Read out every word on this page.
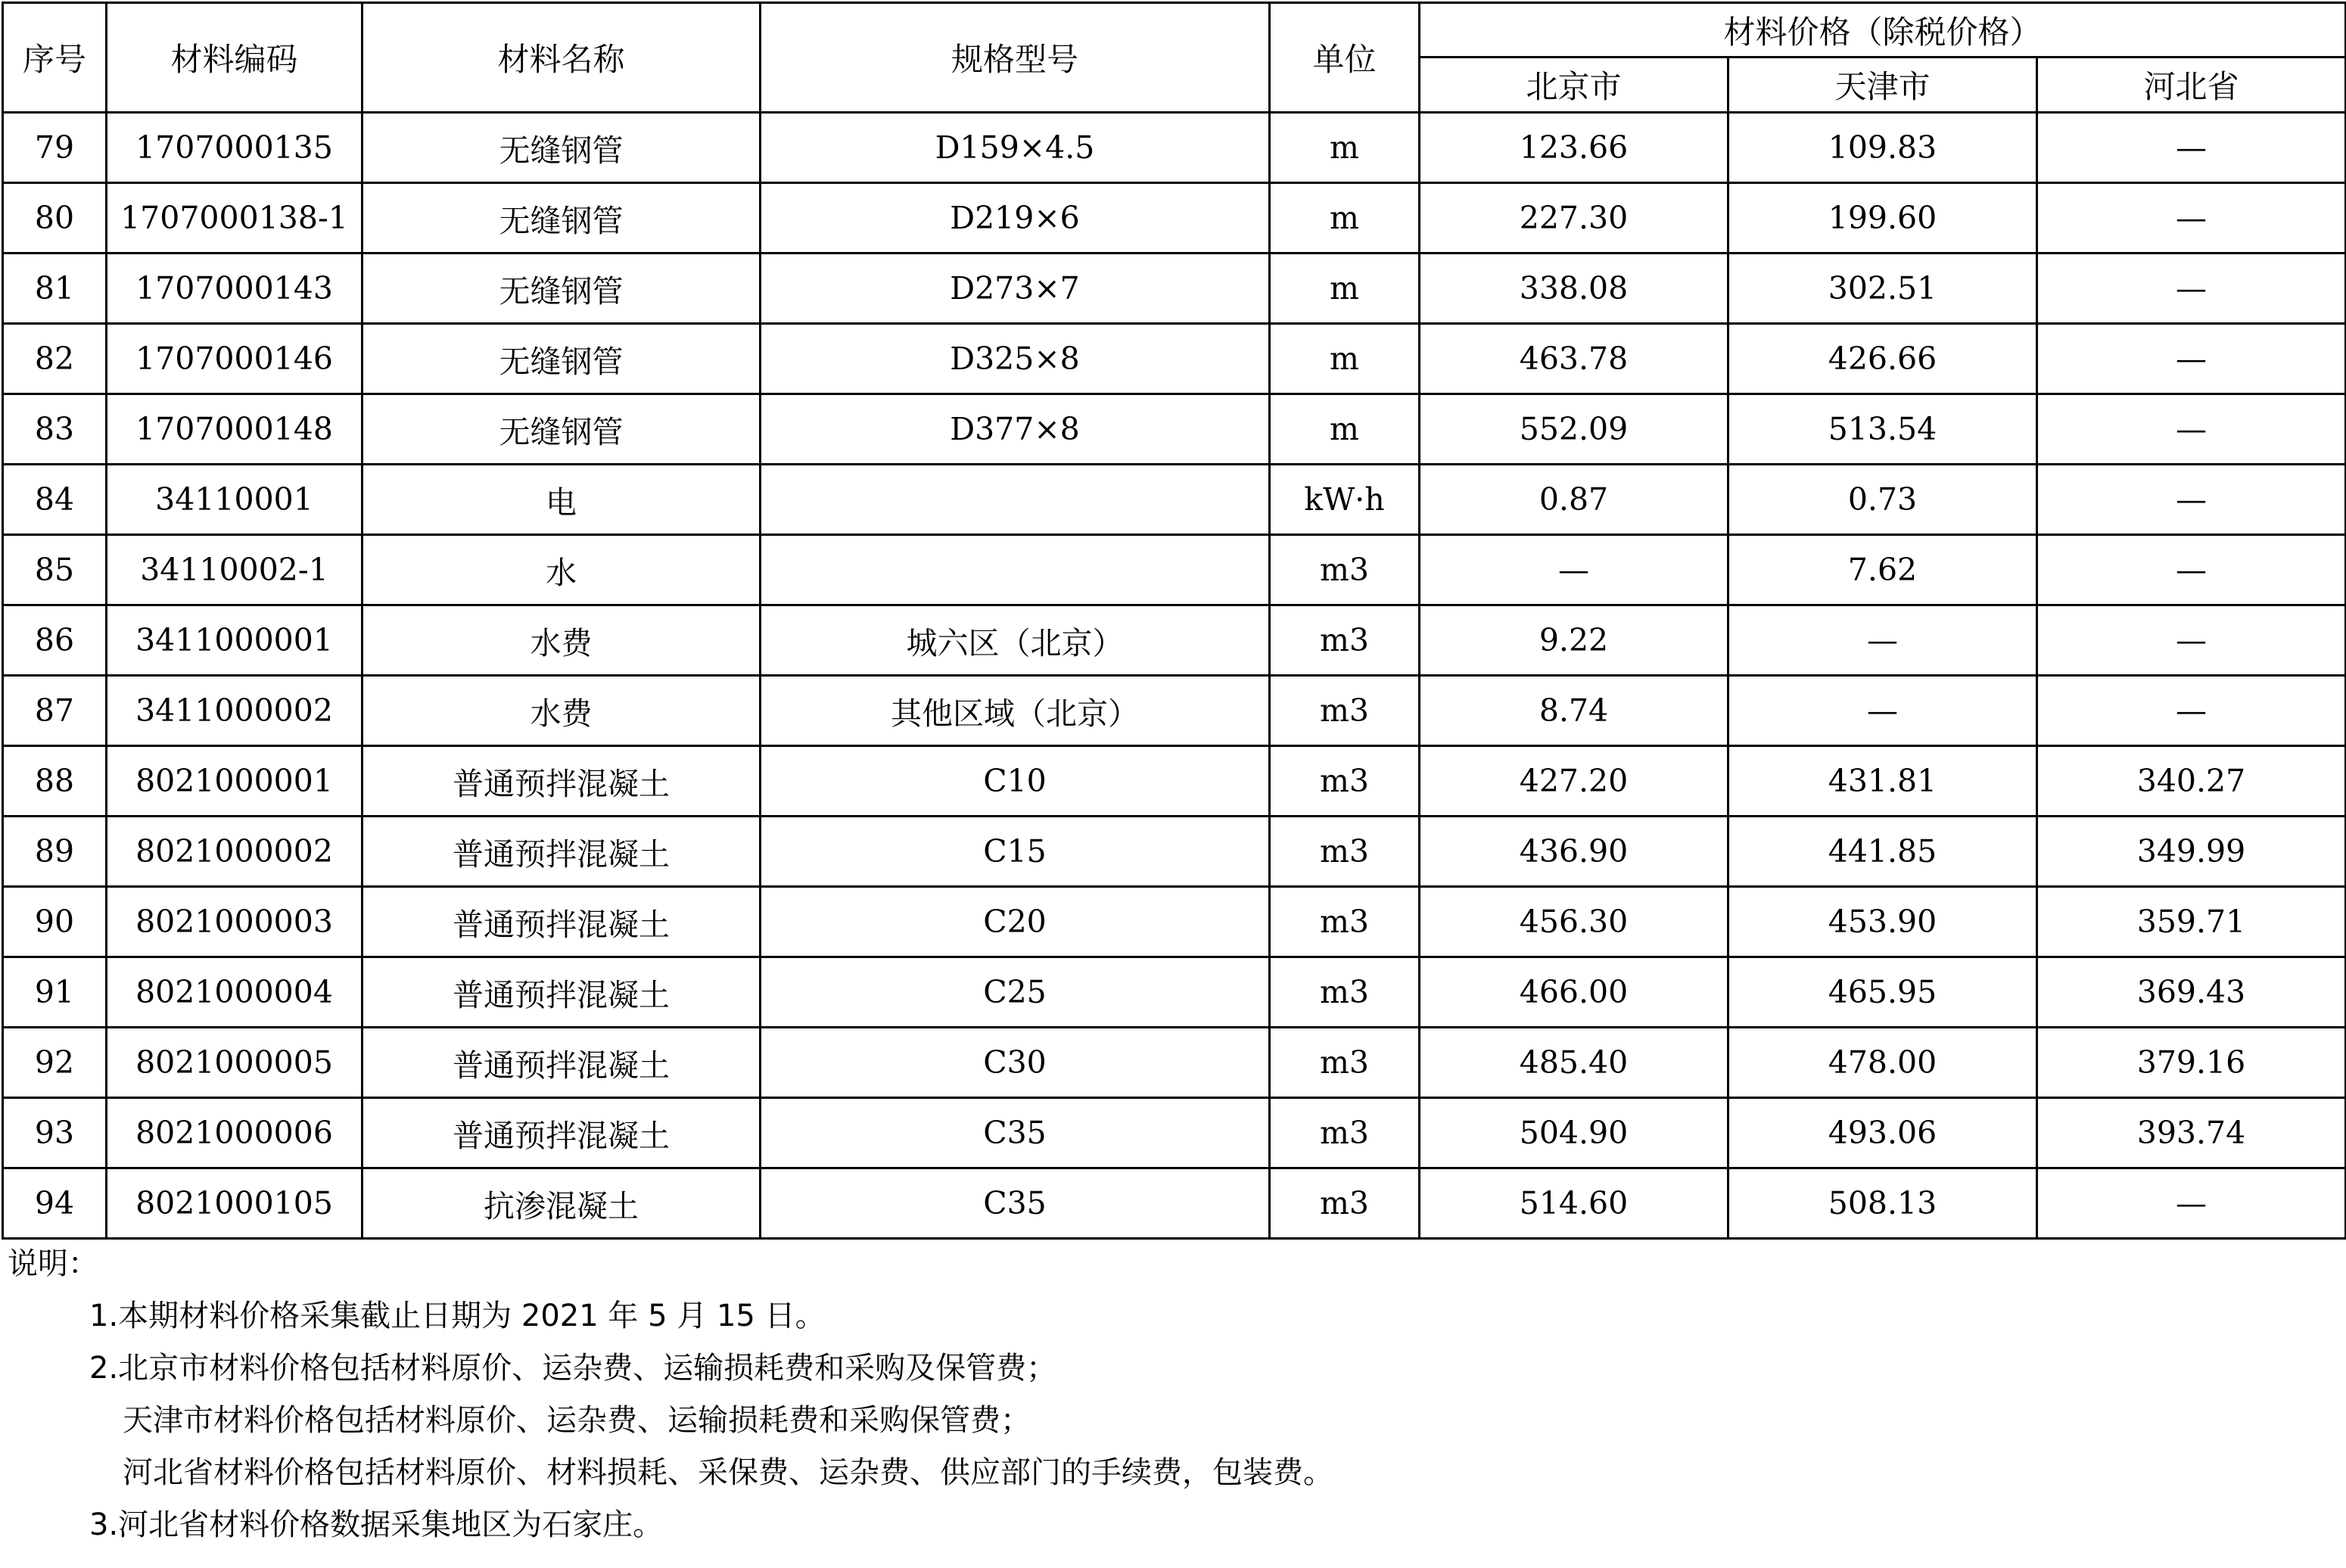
序号	材料编码	材料名称	规格型号	单位	材料价格（除税价格）		
					北京市	天津市	河北省
79	1707000135	无缝钢管	D159×4.5	m	123.66	109.83	—
80	1707000138-1	无缝钢管	D219×6	m	227.30	199.60	—
81	1707000143	无缝钢管	D273×7	m	338.08	302.51	—
82	1707000146	无缝钢管	D325×8	m	463.78	426.66	—
83	1707000148	无缝钢管	D377×8	m	552.09	513.54	—
84	34110001	电		kW·h	0.87	0.73	—
85	34110002-1	水		m3	—	7.62	—
86	3411000001	水费	城六区（北京）	m3	9.22	—	—
87	3411000002	水费	其他区域（北京）	m3	8.74	—	—
88	8021000001	普通预拌混凝土	C10	m3	427.20	431.81	340.27
89	8021000002	普通预拌混凝土	C15	m3	436.90	441.85	349.99
90	8021000003	普通预拌混凝土	C20	m3	456.30	453.90	359.71
91	8021000004	普通预拌混凝土	C25	m3	466.00	465.95	369.43
92	8021000005	普通预拌混凝土	C30	m3	485.40	478.00	379.16
93	8021000006	普通预拌混凝土	C35	m3	504.90	493.06	393.74
94	8021000105	抗渗混凝土	C35	m3	514.60	508.13	—
说明：
1.本期材料价格采集截止日期为 2021 年 5 月 15 日。
2.北京市材料价格包括材料原价、运杂费、运输损耗费和采购及保管费；
天津市材料价格包括材料原价、运杂费、运输损耗费和采购保管费；
河北省材料价格包括材料原价、材料损耗、采保费、运杂费、供应部门的手续费，包装费。
3.河北省材料价格数据采集地区为石家庄。
